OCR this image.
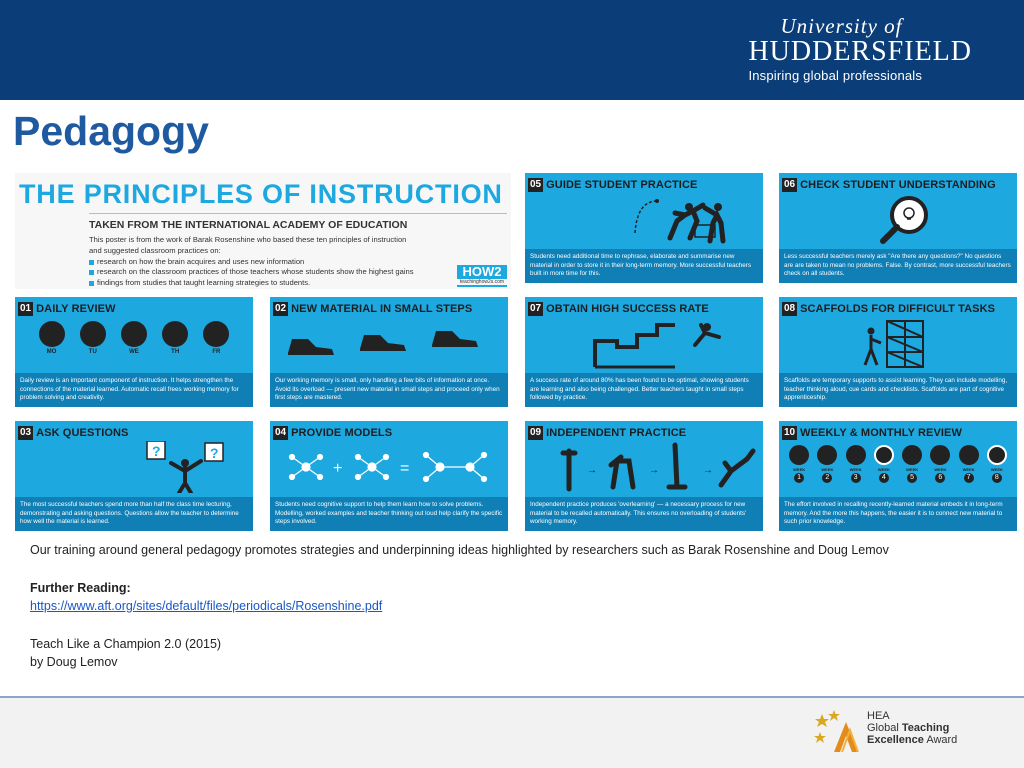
University of
HUDDERSFIELD
Inspiring global professionals
Pedagogy
THE PRINCIPLES OF INSTRUCTION
TAKEN FROM THE INTERNATIONAL ACADEMY OF EDUCATION
This poster is from the work of Barak Rosenshine who based these ten principles of instruction
and suggested classroom practices on:
research on how the brain acquires and uses new information
research on the classroom practices of those teachers whose students show the highest gains
findings from studies that taught learning strategies to students.
HOW2
teachinghow2s.com
05 GUIDE STUDENT PRACTICE
Students need additional time to rephrase, elaborate and summarise new material in order to store it in their long-term memory. More successful teachers built in more time for this.
06 CHECK STUDENT UNDERSTANDING
Less successful teachers merely ask "Are there any questions?" No questions are are taken to mean no problems. False. By contrast, more successful teachers check on all students.
01 DAILY REVIEW
MO	TU	WE	TH	FR
Daily review is an important component of instruction. It helps strengthen the connections of the material learned. Automatic recall frees working memory for problem solving and creativity.
02 NEW MATERIAL IN SMALL STEPS
Our working memory is small, only handling a few bits of information at once. Avoid its overload — present new material in small steps and proceed only when first steps are mastered.
07 OBTAIN HIGH SUCCESS RATE
A success rate of around 80% has been found to be optimal, showing students are learning and also being challenged. Better teachers taught in small steps followed by practice.
08 SCAFFOLDS FOR DIFFICULT TASKS
Scaffolds are temporary supports to assist learning. They can include modelling, teacher thinking aloud, cue cards and checklists. Scaffolds are part of cognitive apprenticeship.
03 ASK QUESTIONS
?	?
The most successful teachers spend more than half the class time lecturing, demonstrating and asking questions. Questions allow the teacher to determine how well the material is learned.
04 PROVIDE MODELS
+	=
Students need cognitive support to help them learn how to solve problems. Modelling, worked examples and teacher thinking out loud help clarify the specific steps involved.
09 INDEPENDENT PRACTICE
→	→	→
Independent practice produces 'overlearning' — a necessary process for new material to be recalled automatically. This ensures no overloading of students' working memory.
10 WEEKLY & MONTHLY REVIEW
WEEK
1
WEEK
2
WEEK
3
WEEK
4
WEEK
5
WEEK
6
WEEK
7
WEEK
8
The effort involved in recalling recently-learned material embeds it in long-term memory. And the more this happens, the easier it is to connect new material to such prior knowledge.
Our training around general pedagogy promotes strategies and underpinning ideas highlighted by researchers such as Barak Rosenshine and Doug Lemov
Further Reading:
https://www.aft.org/sites/default/files/periodicals/Rosenshine.pdf
Teach Like a Champion 2.0 (2015)
by Doug Lemov
HEA
Global Teaching
Excellence Award
